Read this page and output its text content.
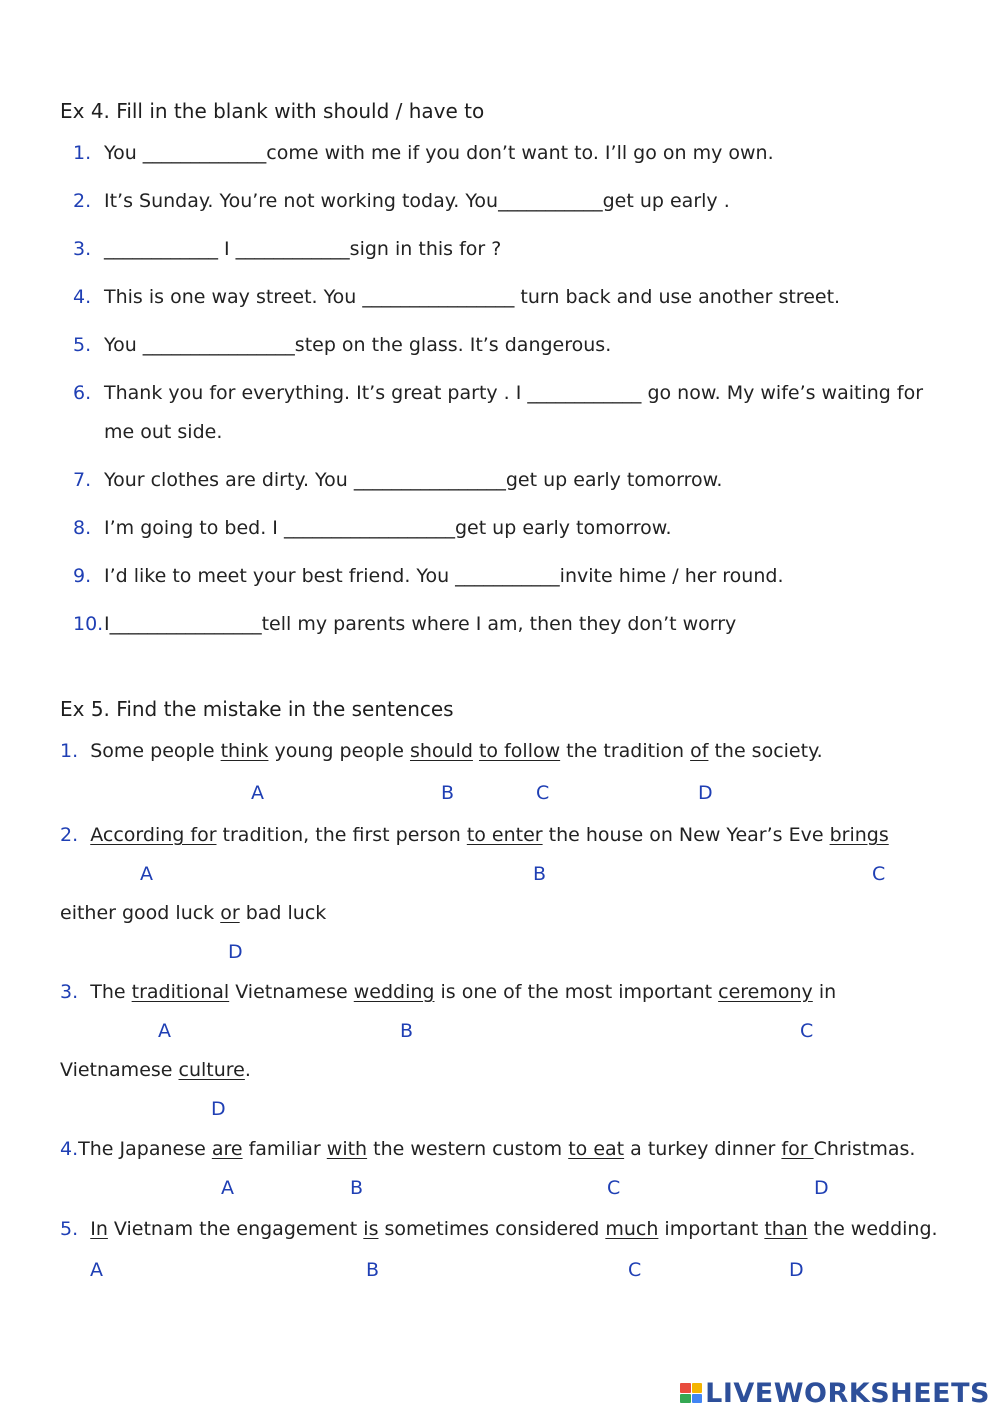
Ex 4. Fill in the blank with should / have to
1. You _____________come with me if you don’t want to. I’ll go on my own.
2. It’s Sunday. You’re not working today. You___________get up early .
3. ____________ I ____________sign in this for ?
4. This is one way street. You ________________ turn back and use another street.
5. You ________________step on the glass. It’s dangerous.
6. Thank you for everything. It’s great party . I ____________ go now. My wife’s waiting for
me out side.
7. Your clothes are dirty. You ________________get up early tomorrow.
8. I’m going to bed. I __________________get up early tomorrow.
9. I’d like to meet your best friend. You ___________invite hime / her round.
10. I________________tell my parents where I am, then they don’t worry
Ex 5. Find the mistake in the sentences
1. Some people think young people should to follow the tradition of the society.
A	B	C	D
2. According for tradition, the first person to enter the house on New Year’s Eve brings
A	B	C
either good luck or bad luck
D
3. The traditional Vietnamese wedding is one of the most important ceremony in
A	B	C
Vietnamese culture.
D
4.The Japanese are familiar with the western custom to eat a turkey dinner for Christmas.
A	B	C	D
5. In Vietnam the engagement is sometimes considered much important than the wedding.
A	B	C	D
LIVEWORKSHEETS
